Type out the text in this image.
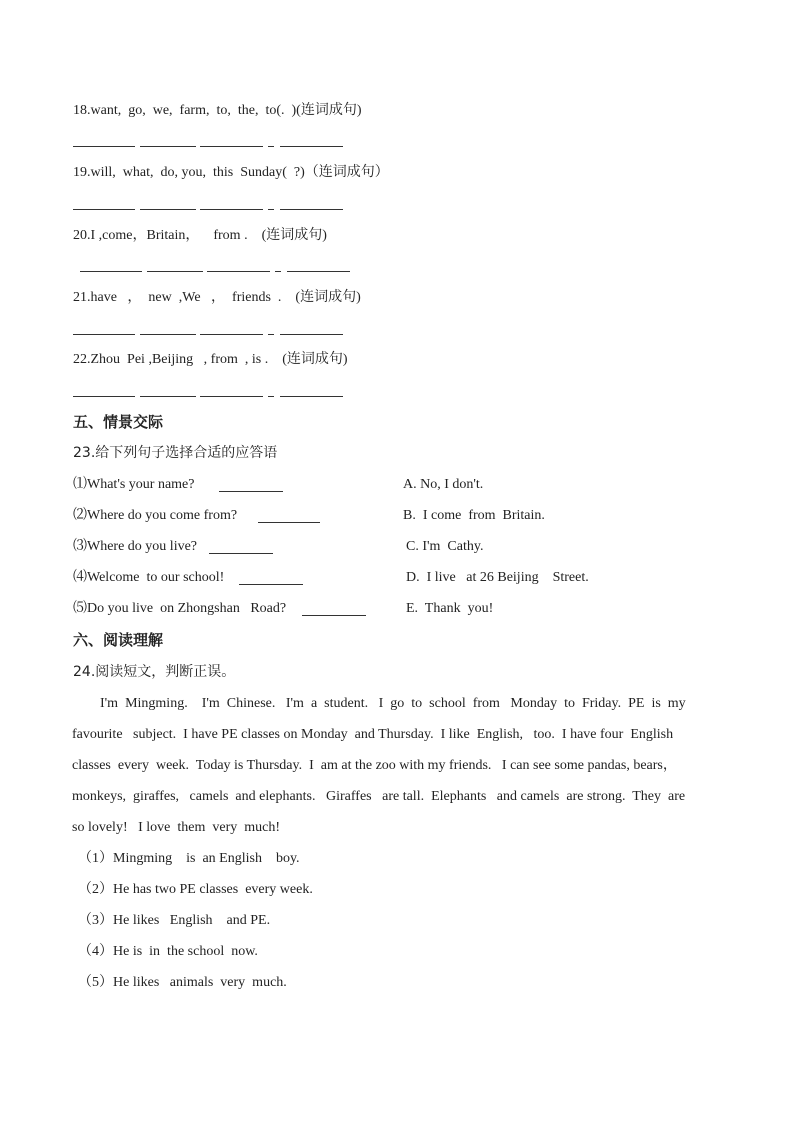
18.want,  go,  we,  farm,  to,  the,  to(.  )(连词成句)
19.will,  what,  do, you,  this  Sunday(  ?)（连词成句）
20.I ,come，Britain，    from .    (连词成句)
21.have   ，  new  ,We   ，  friends  .    (连词成句)
22.Zhou  Pei ,Beijing   , from  , is .    (连词成句)
五、情景交际
23.给下列句子选择合适的应答语
⑴What's your name?	A. No, I don't.
⑵Where do you come from?	B.  I come  from  Britain.
⑶Where do you live?	C. I'm  Cathy.
⑷Welcome  to our school!	D.  I live   at 26 Beijing    Street.
⑸Do you live  on Zhongshan   Road?	E.  Thank  you!
六、阅读理解
24.阅读短文，判断正误。
I'm  Mingming.    I'm  Chinese.   I'm  a  student.   I  go  to  school  from   Monday  to  Friday.  PE  is  my
favourite   subject.  I have PE classes on Monday  and Thursday.  I like  English,   too.  I have four  English
classes  every  week.  Today is Thursday.  I  am at the zoo with my friends.   I can see some pandas, bears，
monkeys,  giraffes,   camels  and elephants.   Giraffes   are tall.  Elephants   and camels  are strong.  They  are
so lovely!   I love  them  very  much!
（1）Mingming    is  an English    boy.
（2）He has two PE classes  every week.
（3）He likes   English    and PE.
（4）He is  in  the school  now.
（5）He likes   animals  very  much.
